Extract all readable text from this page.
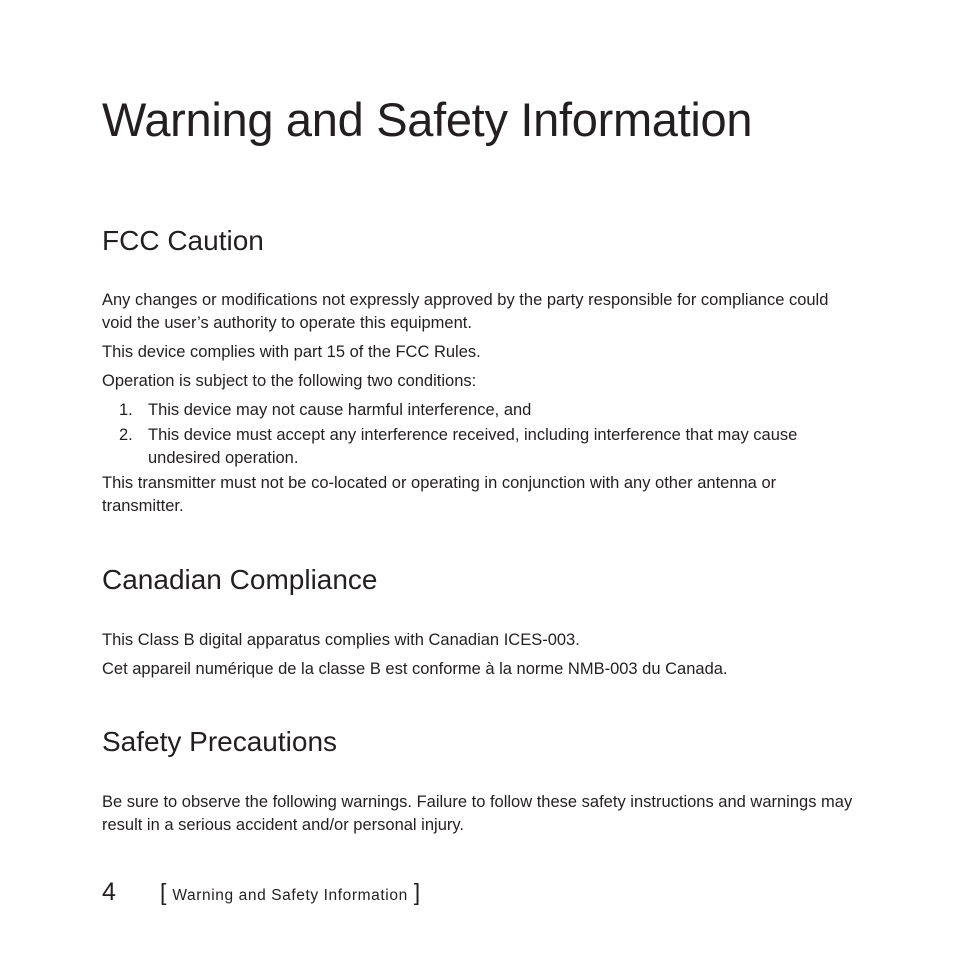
Warning and Safety Information
FCC Caution

Any changes or modifications not expressly approved by the party responsible for compliance could void the user’s authority to operate this equipment.

This device complies with part 15 of the FCC Rules.

Operation is subject to the following two conditions:

1. This device may not cause harmful interference, and
2. This device must accept any interference received, including interference that may cause undesired operation.

This transmitter must not be co-located or operating in conjunction with any other antenna or transmitter.

Canadian Compliance

This Class B digital apparatus complies with Canadian ICES-003.

Cet appareil numérique de la classe B est conforme à la norme NMB-003 du Canada.

Safety Precautions

Be sure to observe the following warnings. Failure to follow these safety instructions and warnings may result in a serious accident and/or personal injury.

4 [ Warning and Safety Information ]
